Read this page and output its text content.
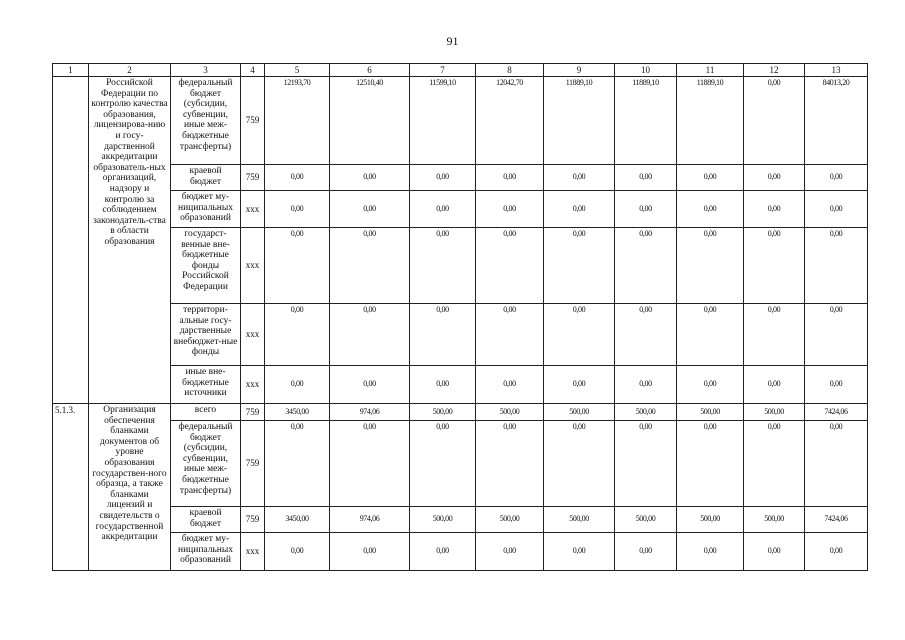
91
1	2	3	4	5	6	7	8	9	10	11	12	13
	Российской Федерации по контролю качества образования, лицензирова-нию и госу-дарственной аккредитации образователь-ных организаций, надзору и контролю за соблюдением законодатель-ства в области образования	федеральный бюджет (субсидии, субвенции, иные меж-бюджетные трансферты)	759	12193,70	12510,40	11599,10	12042,70	11889,10	11889,10	11889,10	0,00	84013,20
		краевой бюджет	759	0,00	0,00	0,00	0,00	0,00	0,00	0,00	0,00	0,00
		бюджет му-ниципальных образований	ххх	0,00	0,00	0,00	0,00	0,00	0,00	0,00	0,00	0,00
		государст-венные вне-бюджетные фонды Российской Федерации	ххх	0,00	0,00	0,00	0,00	0,00	0,00	0,00	0,00	0,00
		территори-альные госу-дарственные внебюджет-ные фонды	ххх	0,00	0,00	0,00	0,00	0,00	0,00	0,00	0,00	0,00
		иные вне-бюджетные источники	ххх	0,00	0,00	0,00	0,00	0,00	0,00	0,00	0,00	0,00
5.1.3.	Организация обеспечения бланками документов об уровне образования государствен-ного образца, а также бланками лицензий и свидетельств о государственной аккредитации	всего	759	3450,00	974,06	500,00	500,00	500,00	500,00	500,00	500,00	7424,06
		федеральный бюджет (субсидии, субвенции, иные меж-бюджетные трансферты)	759	0,00	0,00	0,00	0,00	0,00	0,00	0,00	0,00	0,00
		краевой бюджет	759	3450,00	974,06	500,00	500,00	500,00	500,00	500,00	500,00	7424,06
		бюджет му-ниципальных образований	ххх	0,00	0,00	0,00	0,00	0,00	0,00	0,00	0,00	0,00
